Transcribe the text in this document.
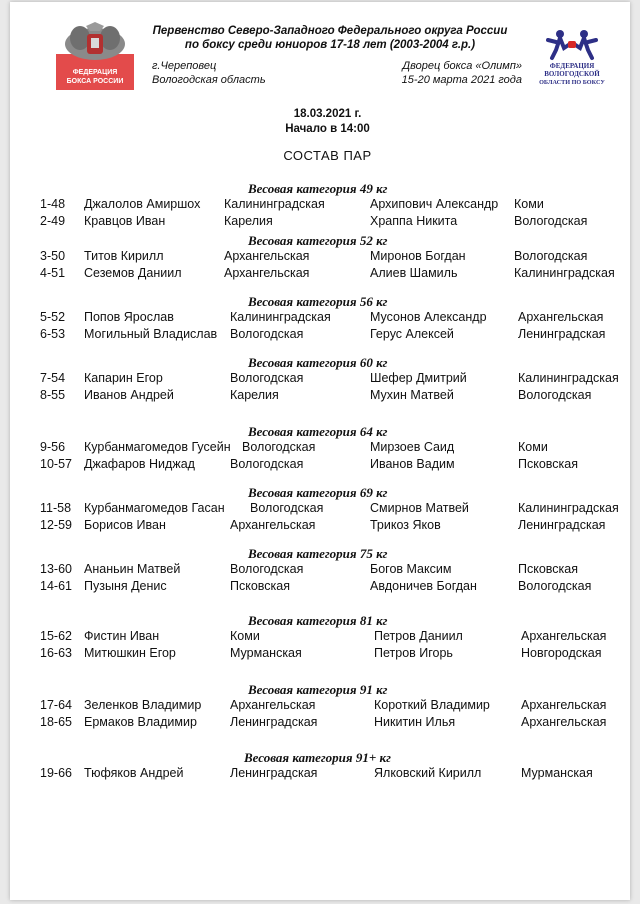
ФЕДЕРАЦИЯ
БОКСА РОССИИ
Первенство Северо-Западного Федерального округа России
по боксу среди юниоров 17-18 лет (2003-2004 г.р.)
г.Череповец
Вологодская область
Дворец бокса «Олимп»
15-20 марта 2021 года
ФЕДЕРАЦИЯ
ВОЛОГОДСКОЙ
ОБЛАСТИ ПО БОКСУ
18.03.2021 г.
Начало в 14:00
СОСТАВ ПАР
Весовая категория 49 кг
1-48 Джалолов Амиршох Калининградская	Архипович Александр Коми
2-49 Кравцов Иван	Карелия	Храппа Никита	Вологодская
Весовая категория 52 кг
3-50 Титов Кирилл	Архангельская	Миронов Богдан	Вологодская
4-51 Сеземов Даниил	Архангельская	Алиев Шамиль	Калининградская
Весовая категория 56 кг
5-52 Попов Ярослав	Калининградская	Мусонов Александр	Архангельская
6-53 Могильный Владислав Вологодская	Герус Алексей	Ленинградская
Весовая категория 60 кг
7-54 Капарин Егор	Вологодская	Шефер Дмитрий	Калининградская
8-55 Иванов Андрей	Карелия	Мухин Матвей	Вологодская
Весовая категория 64 кг
9-56 Курбанмагомедов Гусейн Вологодская	Мирзоев Саид	Коми
10-57 Джафаров Ниджад	Вологодская	Иванов Вадим	Псковская
Весовая категория 69 кг
11-58 Курбанмагомедов Гасан Вологодская	Смирнов Матвей	Калининградская
12-59 Борисов Иван	Архангельская	Трикоз Яков	Ленинградская
Весовая категория 75 кг
13-60 Ананьин Матвей	Вологодская	Богов Максим	Псковская
14-61 Пузыня Денис	Псковская	Авдоничев Богдан	Вологодская
Весовая категория 81 кг
15-62 Фистин Иван	Коми	Петров Даниил	Архангельская
16-63 Митюшкин Егор	Мурманская	Петров Игорь	Новгородская
Весовая категория 91 кг
17-64 Зеленков Владимир Архангельская	Короткий Владимир Архангельская
18-65 Ермаков Владимир	Ленинградская	Никитин Илья	Архангельская
Весовая категория 91+ кг
19-66 Тюфяков Андрей	Ленинградская	Ялковский Кирилл	Мурманская
